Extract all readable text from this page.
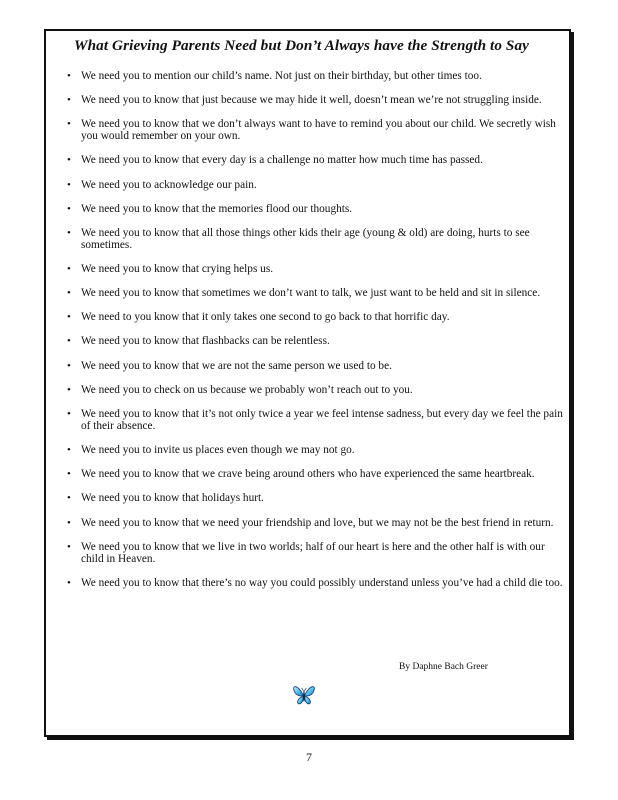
What Grieving Parents Need but Don’t Always have the Strength to Say
• We need you to mention our child’s name. Not just on their birthday, but other times too.
• We need you to know that just because we may hide it well, doesn’t mean we’re not struggling inside.
• We need you to know that we don’t always want to have to remind you about our child. We secretly wish you would remember on your own.
• We need you to know that every day is a challenge no matter how much time has passed.
• We need you to acknowledge our pain.
• We need you to know that the memories flood our thoughts.
• We need you to know that all those things other kids their age (young & old) are doing, hurts to see sometimes.
• We need you to know that crying helps us.
• We need you to know that sometimes we don’t want to talk, we just want to be held and sit in silence.
• We need to you know that it only takes one second to go back to that horrific day.
• We need you to know that flashbacks can be relentless.
• We need you to know that we are not the same person we used to be.
• We need you to check on us because we probably won’t reach out to you.
• We need you to know that it’s not only twice a year we feel intense sadness, but every day we feel the pain of their absence.
• We need you to invite us places even though we may not go.
• We need you to know that we crave being around others who have experienced the same heartbreak.
• We need you to know that holidays hurt.
• We need you to know that we need your friendship and love, but we may not be the best friend in return.
• We need you to know that we live in two worlds; half of our heart is here and the other half is with our child in Heaven.
• We need you to know that there’s no way you could possibly understand unless you’ve had a child die too.
By Daphne Bach Greer
7
